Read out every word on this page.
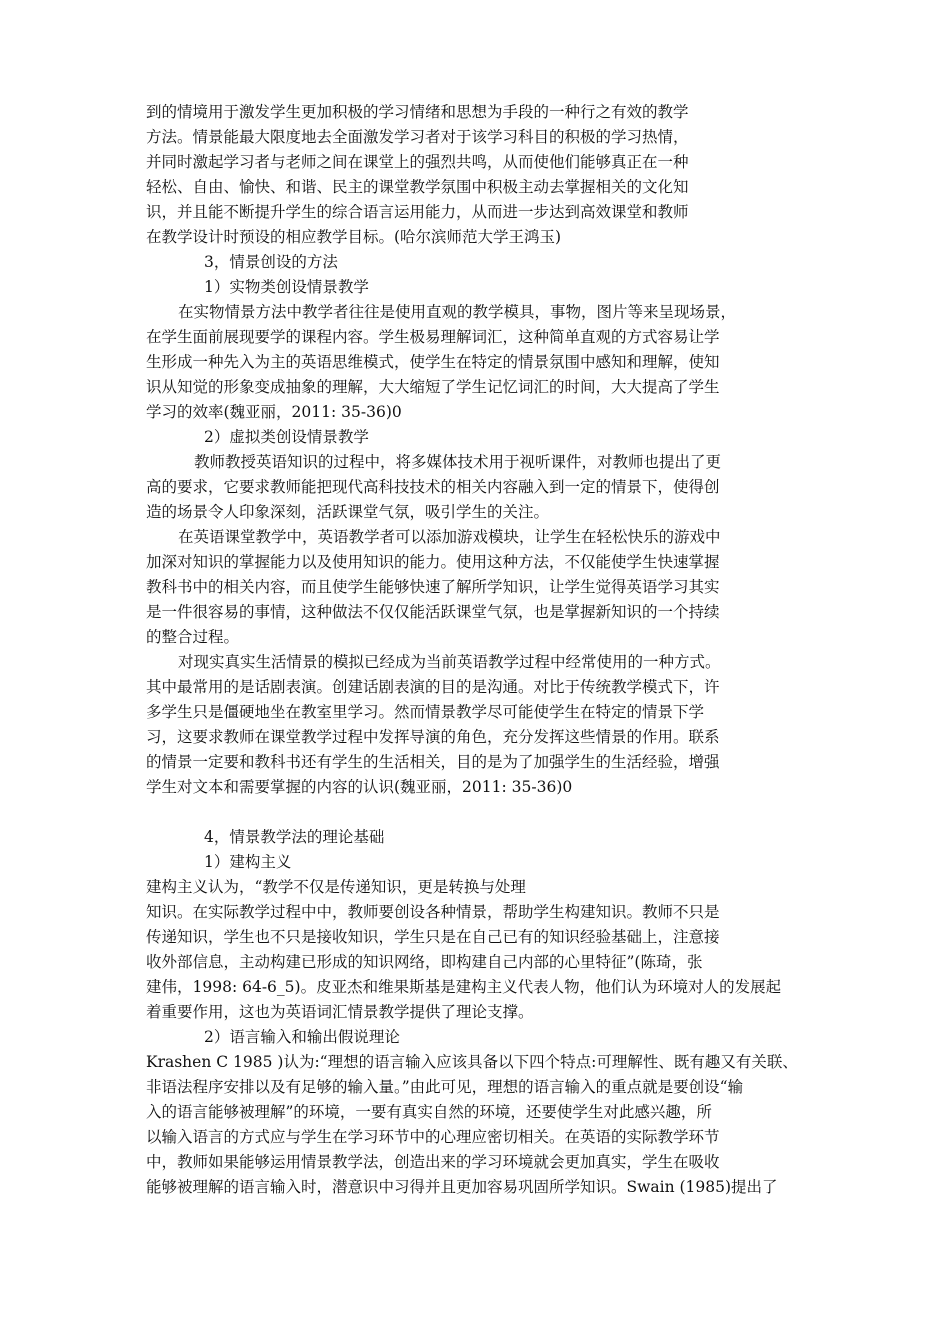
到的情境用于激发学生更加积极的学习情绪和思想为手段的一种行之有效的教学
方法。情景能最大限度地去全面激发学习者对于该学习科目的积极的学习热情，
并同时激起学习者与老师之间在课堂上的强烈共鸣，从而使他们能够真正在一种
轻松、自由、愉快、和谐、民主的课堂教学氛围中积极主动去掌握相关的文化知
识，并且能不断提升学生的综合语言运用能力，从而进一步达到高效课堂和教师
在教学设计时预设的相应教学目标。(哈尔滨师范大学王鸿玉)
3，情景创设的方法
1）实物类创设情景教学
在实物情景方法中教学者往往是使用直观的教学模具，事物，图片等来呈现场景，
在学生面前展现要学的课程内容。学生极易理解词汇，这种简单直观的方式容易让学
生形成一种先入为主的英语思维模式，使学生在特定的情景氛围中感知和理解，使知
识从知觉的形象变成抽象的理解，大大缩短了学生记忆词汇的时间，大大提高了学生
学习的效率(魏亚丽，2011: 35-36)0
2）虚拟类创设情景教学
教师教授英语知识的过程中，将多媒体技术用于视听课件，对教师也提出了更
高的要求，它要求教师能把现代高科技技术的相关内容融入到一定的情景下，使得创
造的场景令人印象深刻，活跃课堂气氛，吸引学生的关注。
在英语课堂教学中，英语教学者可以添加游戏模块，让学生在轻松快乐的游戏中
加深对知识的掌握能力以及使用知识的能力。使用这种方法，不仅能使学生快速掌握
教科书中的相关内容，而且使学生能够快速了解所学知识，让学生觉得英语学习其实
是一件很容易的事情，这种做法不仅仅能活跃课堂气氛，也是掌握新知识的一个持续
的整合过程。
对现实真实生活情景的模拟已经成为当前英语教学过程中经常使用的一种方式。
其中最常用的是话剧表演。创建话剧表演的目的是沟通。对比于传统教学模式下，许
多学生只是僵硬地坐在教室里学习。然而情景教学尽可能使学生在特定的情景下学
习，这要求教师在课堂教学过程中发挥导演的角色，充分发挥这些情景的作用。联系
的情景一定要和教科书还有学生的生活相关，目的是为了加强学生的生活经验，增强
学生对文本和需要掌握的内容的认识(魏亚丽，2011: 35-36)0
4，情景教学法的理论基础
1）建构主义
建构主义认为，“教学不仅是传递知识，更是转换与处理
知识。在实际教学过程中中，教师要创设各种情景，帮助学生构建知识。教师不只是
传递知识，学生也不只是接收知识，学生只是在自己已有的知识经验基础上，注意接
收外部信息，主动构建已形成的知识网络，即构建自己内部的心里特征”(陈琦，张
建伟，1998: 64-6_5)。皮亚杰和维果斯基是建构主义代表人物，他们认为环境对人的发展起
着重要作用，这也为英语词汇情景教学提供了理论支撑。
2）语言输入和输出假说理论
Krashen C 1985 )认为:“理想的语言输入应该具备以下四个特点:可理解性、既有趣又有关联、
非语法程序安排以及有足够的输入量。”由此可见，理想的语言输入的重点就是要创设“输
入的语言能够被理解”的环境，一要有真实自然的环境，还要使学生对此感兴趣，所
以输入语言的方式应与学生在学习环节中的心理应密切相关。在英语的实际教学环节
中，教师如果能够运用情景教学法，创造出来的学习环境就会更加真实，学生在吸收
能够被理解的语言输入时，潜意识中习得并且更加容易巩固所学知识。Swain (1985)提出了
